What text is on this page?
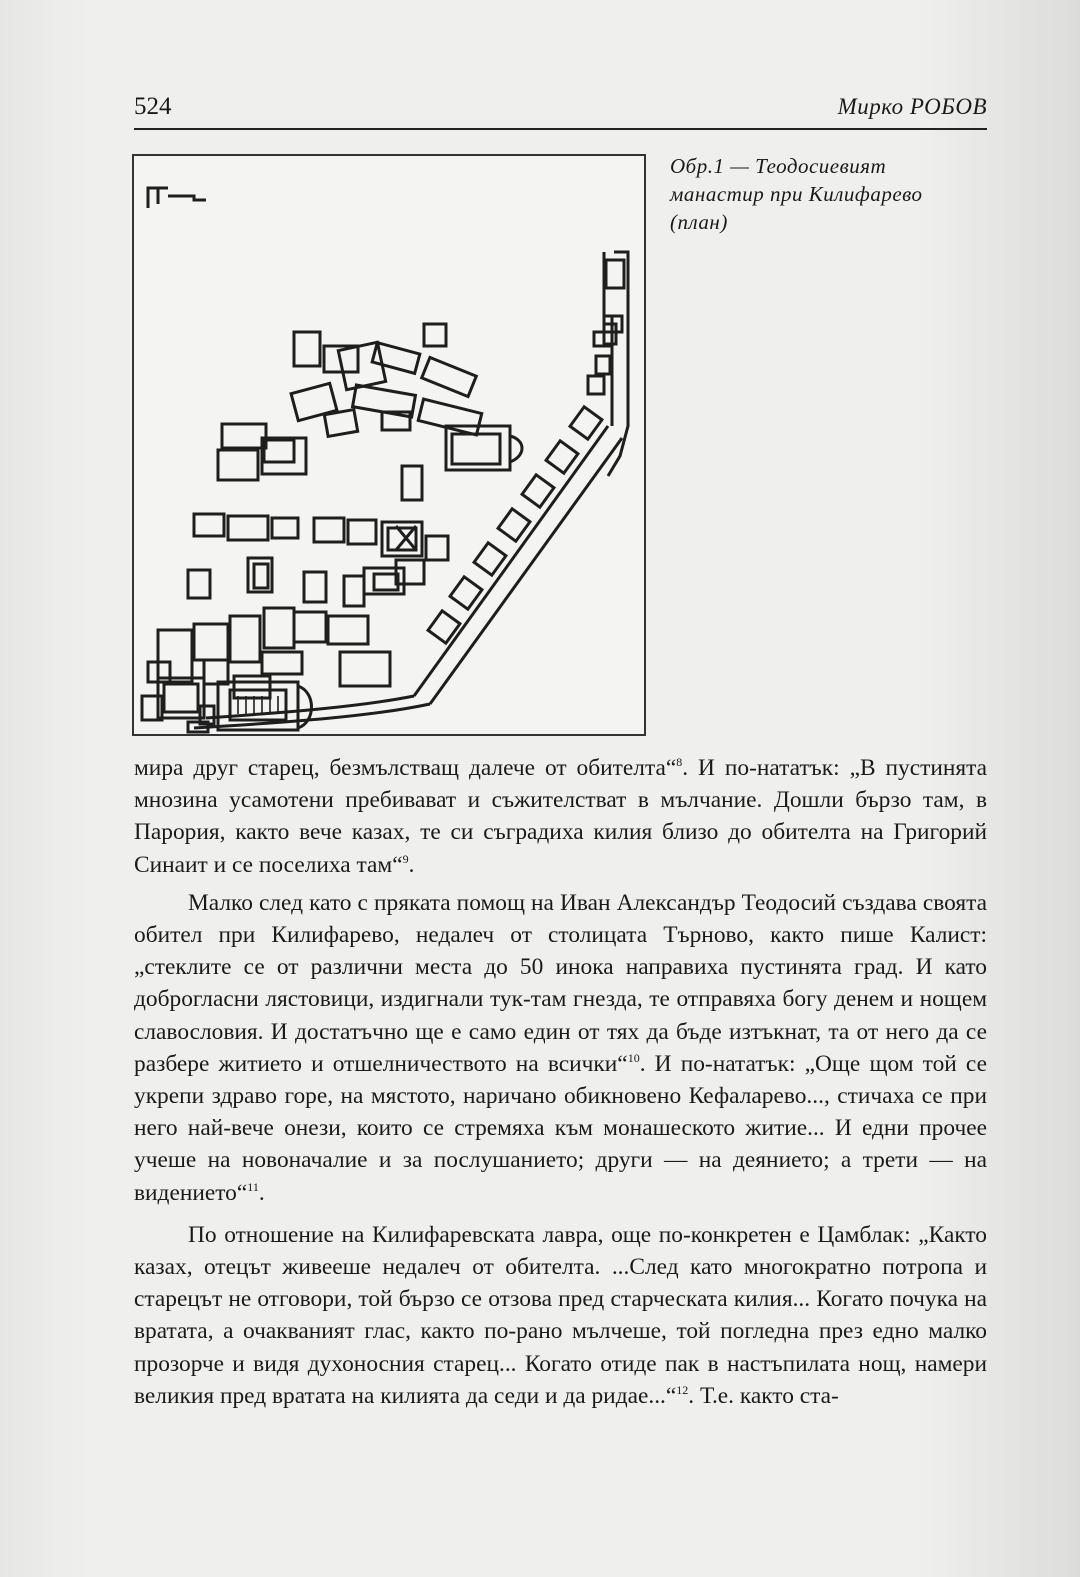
524	Мирко РОБОВ
Обр.1 — Теодосиевият
манастир при Килифарево
(план)

мира друг старец, безмълстващ далече от обителта“$^8$. И по-нататък: „В пустинята мнозина усамотени пребивават и съжителстват в мълчание. Дошли бързо там, в Парория, както вече казах, те си съградиха килия близо до обителта на Григорий Синаит и се поселиха там“$^9$.

Малко след като с пряката помощ на Иван Александър Теодосий създава своята обител при Килифарево, недалеч от столицата Търново, както пише Калист: „стеклите се от различни места до 50 инока направиха пустинята град. И като доброгласни лястовици, издигнали тук-там гнезда, те отправяха богу денем и нощем славословия. И достатъчно ще е само един от тях да бъде изтъкнат, та от него да се разбере житието и отшелничеството на всички“$^{10}$. И по-нататък: „Още щом той се укрепи здраво горе, на мястото, наричано обикновено Кефаларево..., стичаха се при него най-вече онези, които се стремяха към монашеското житие... И едни прочее учеше на новоначалие и за послушанието; други — на деянието; а трети — на видението“$^{11}$.

По отношение на Килифаревската лавра, още по-конкретен е Цамблак: „Както казах, отецът живееше недалеч от обителта. ...След като многократно потропа и старецът не отговори, той бързо се отзова пред старческата килия... Когато почука на вратата, а очакваният глас, както по-рано мълчеше, той погледна през едно малко прозорче и видя духоносния старец... Когато отиде пак в настъпилата нощ, намери великия пред вратата на килията да седи и да ридае...“$^{12}$. Т.е. както ста-
